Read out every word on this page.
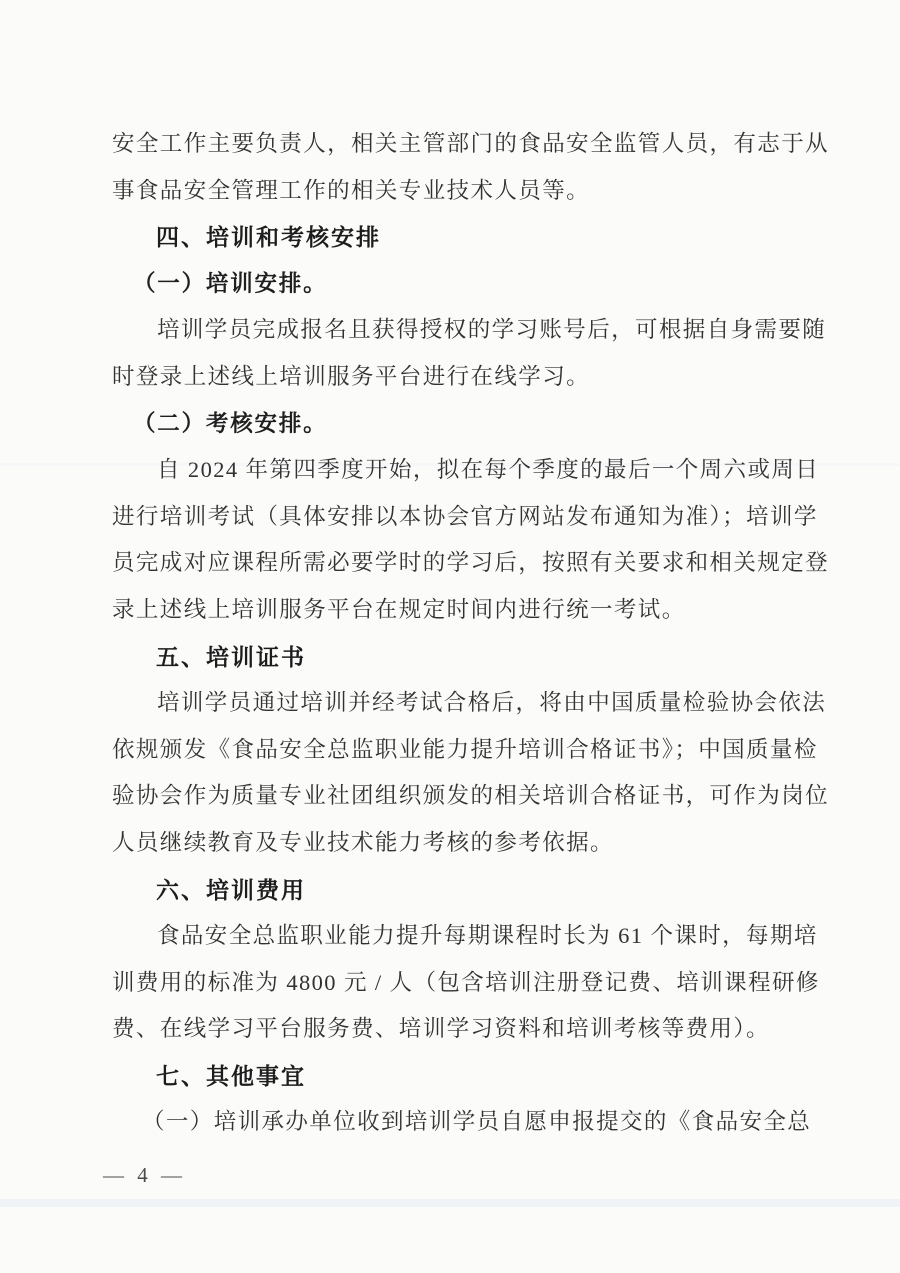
安全工作主要负责人，相关主管部门的食品安全监管人员，有志于从
事食品安全管理工作的相关专业技术人员等。
四、培训和考核安排
（一）培训安排。
培训学员完成报名且获得授权的学习账号后，可根据自身需要随
时登录上述线上培训服务平台进行在线学习。
（二）考核安排。
自 2024 年第四季度开始，拟在每个季度的最后一个周六或周日
进行培训考试（具体安排以本协会官方网站发布通知为准）；培训学
员完成对应课程所需必要学时的学习后，按照有关要求和相关规定登
录上述线上培训服务平台在规定时间内进行统一考试。
五、培训证书
培训学员通过培训并经考试合格后，将由中国质量检验协会依法
依规颁发《食品安全总监职业能力提升培训合格证书》；中国质量检
验协会作为质量专业社团组织颁发的相关培训合格证书，可作为岗位
人员继续教育及专业技术能力考核的参考依据。
六、培训费用
食品安全总监职业能力提升每期课程时长为 61 个课时，每期培
训费用的标准为 4800 元 / 人（包含培训注册登记费、培训课程研修
费、在线学习平台服务费、培训学习资料和培训考核等费用）。
七、其他事宜
（一）培训承办单位收到培训学员自愿申报提交的《食品安全总
— 4 —
